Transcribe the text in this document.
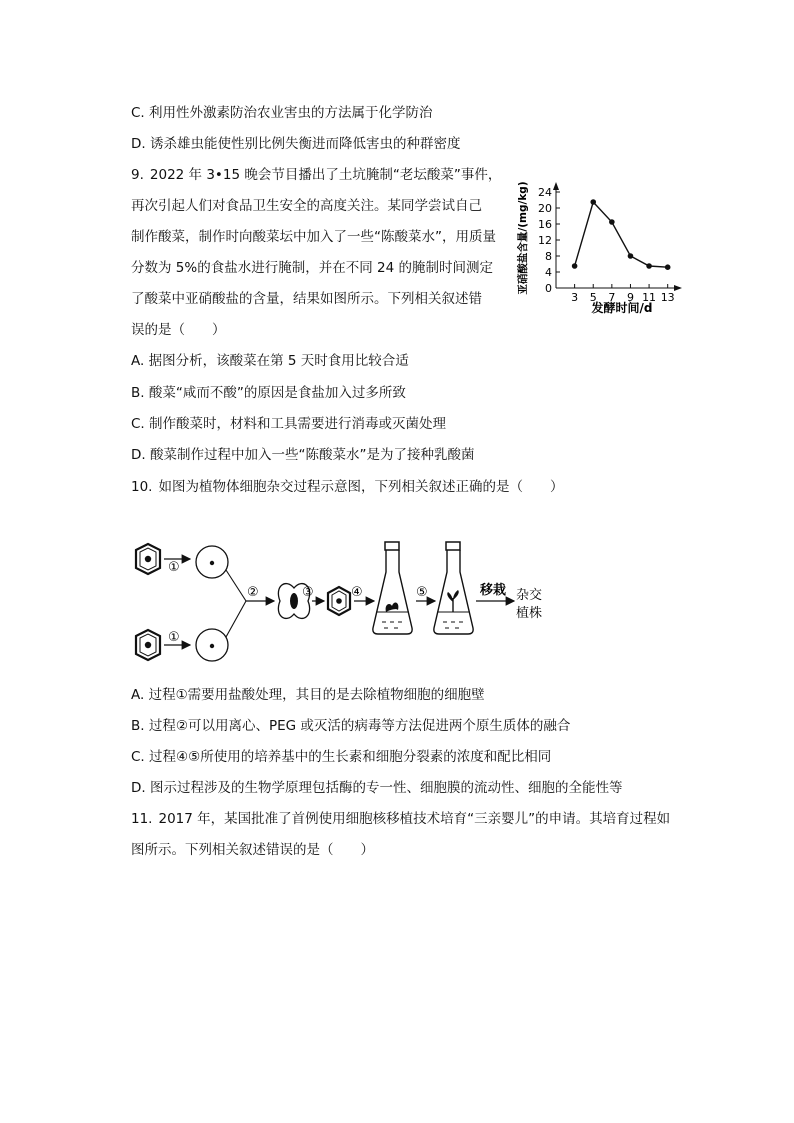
C. 利用性外激素防治农业害虫的方法属于化学防治
D. 诱杀雄虫能使性别比例失衡进而降低害虫的种群密度
9. 2022 年 3•15 晚会节目播出了土坑腌制“老坛酸菜”事件，
再次引起人们对食品卫生安全的高度关注。某同学尝试自己
制作酸菜，制作时向酸菜坛中加入了一些“陈酸菜水”，用质量
分数为 5%的食盐水进行腌制，并在不同 24 的腌制时间测定
了酸菜中亚硝酸盐的含量，结果如图所示。下列相关叙述错
误的是（　　）
A. 据图分析，该酸菜在第 5 天时食用比较合适
B. 酸菜“咸而不酸”的原因是食盐加入过多所致
C. 制作酸菜时，材料和工具需要进行消毒或灭菌处理
D. 酸菜制作过程中加入一些“陈酸菜水”是为了接种乳酸菌
0
4
8
12
16
20
24
3 5 7 9 11 13
发酵时间/d
亚硝酸盐含量/(mg/kg)
10. 如图为植物体细胞杂交过程示意图，下列相关叙述正确的是（　　）
①
①
②	③	④	⑤	移栽 杂交
植株
A. 过程①需要用盐酸处理，其目的是去除植物细胞的细胞壁
B. 过程②可以用离心、PEG 或灭活的病毒等方法促进两个原生质体的融合
C. 过程④⑤所使用的培养基中的生长素和细胞分裂素的浓度和配比相同
D. 图示过程涉及的生物学原理包括酶的专一性、细胞膜的流动性、细胞的全能性等
11. 2017 年，某国批准了首例使用细胞核移植技术培育“三亲婴儿”的申请。其培育过程如
图所示。下列相关叙述错误的是（　　）
